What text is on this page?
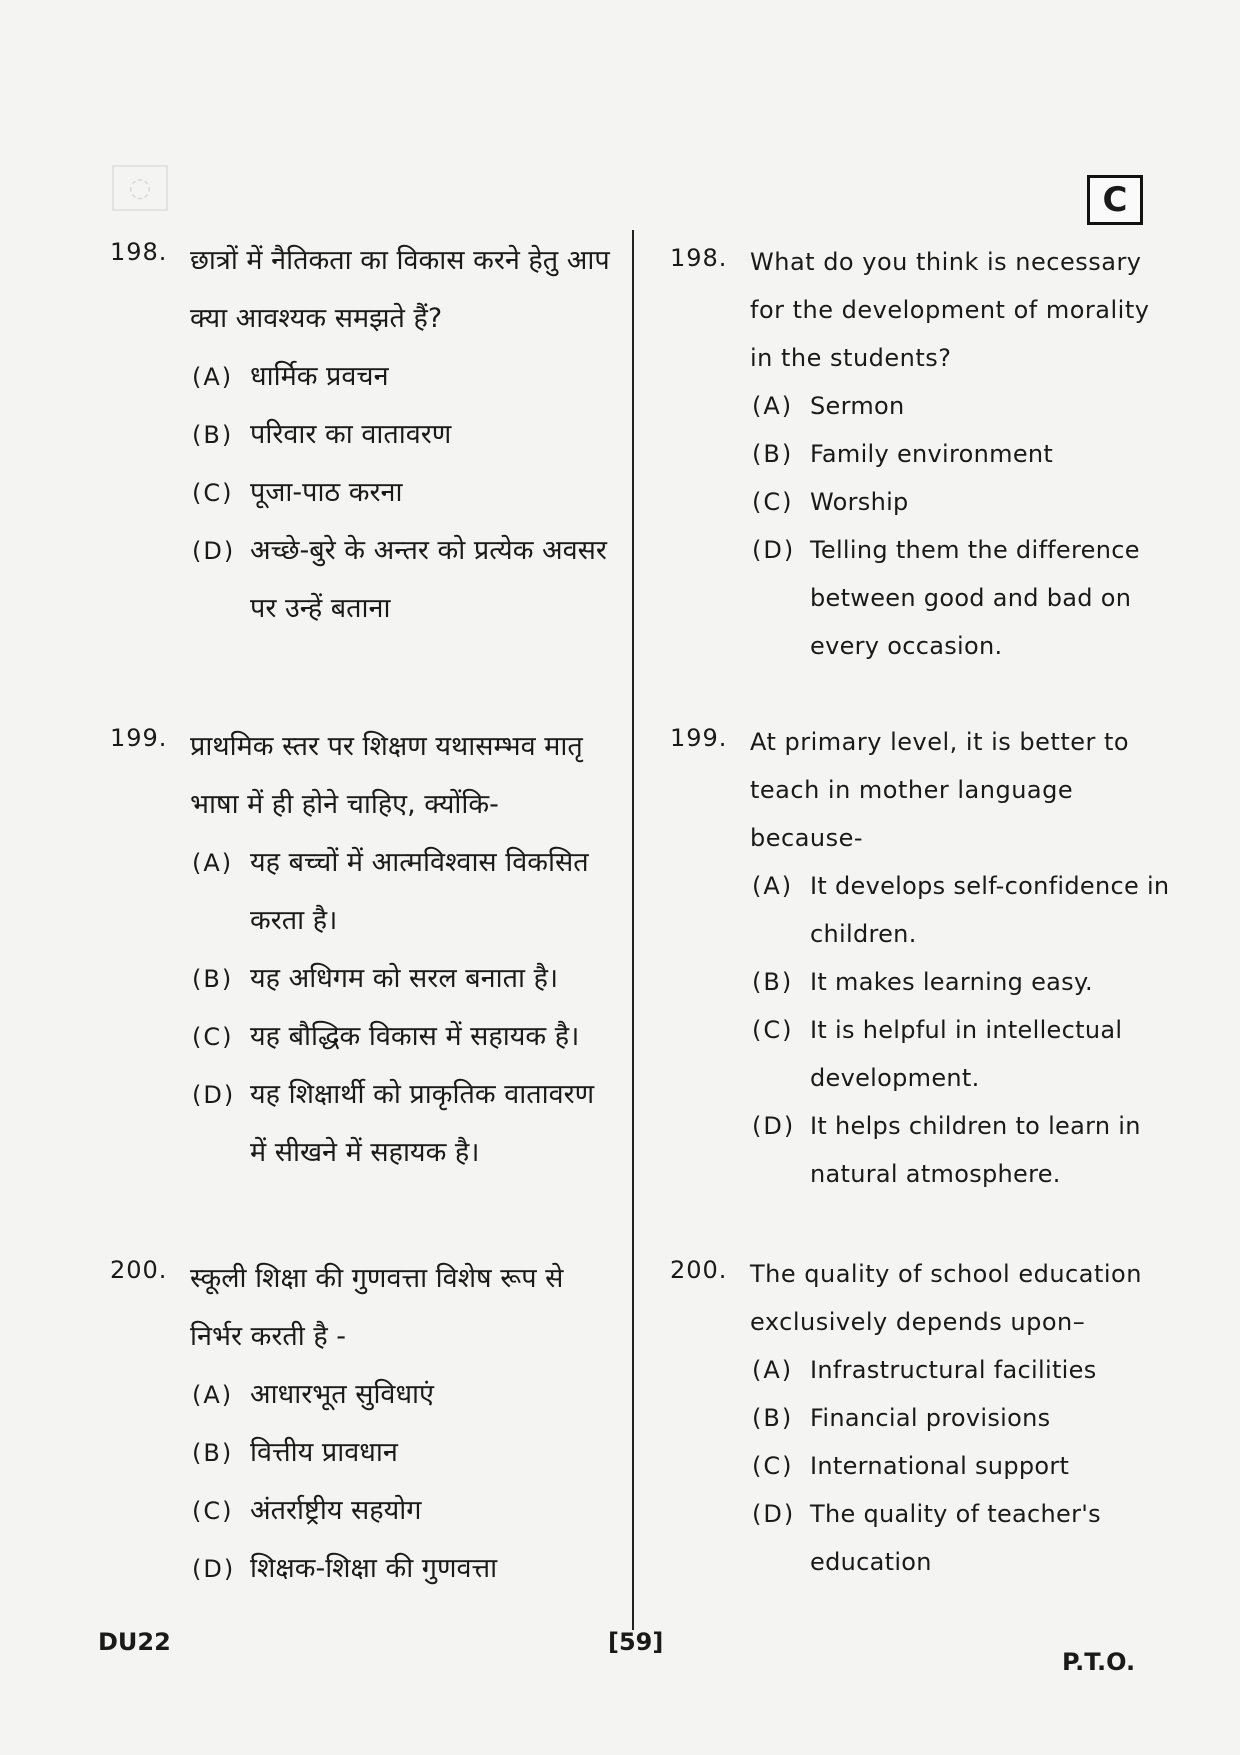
◌	C
198. छात्रों में नैतिकता का विकास करने हेतु आप क्या आवश्यक समझते हैं?
(A) धार्मिक प्रवचन
(B) परिवार का वातावरण
(C) पूजा-पाठ करना
(D) अच्छे-बुरे के अन्तर को प्रत्येक अवसर पर उन्हें बताना
199. प्राथमिक स्तर पर शिक्षण यथासम्भव मातृ भाषा में ही होने चाहिए, क्योंकि-
(A) यह बच्चों में आत्मविश्वास विकसित करता है।
(B) यह अधिगम को सरल बनाता है।
(C) यह बौद्धिक विकास में सहायक है।
(D) यह शिक्षार्थी को प्राकृतिक वातावरण में सीखने में सहायक है।
200. स्कूली शिक्षा की गुणवत्ता विशेष रूप से निर्भर करती है -
(A) आधारभूत सुविधाएं
(B) वित्तीय प्रावधान
(C) अंतर्राष्ट्रीय सहयोग
(D) शिक्षक-शिक्षा की गुणवत्ता
198. What do you think is necessary for the development of morality in the students?
(A) Sermon
(B) Family environment
(C) Worship
(D) Telling them the difference between good and bad on every occasion.
199. At primary level, it is better to teach in mother language because-
(A) It develops self-confidence in children.
(B) It makes learning easy.
(C) It is helpful in intellectual development.
(D) It helps children to learn in natural atmosphere.
200. The quality of school education exclusively depends upon–
(A) Infrastructural facilities
(B) Financial provisions
(C) International support
(D) The quality of teacher's education
DU22	[59]
P.T.O.
